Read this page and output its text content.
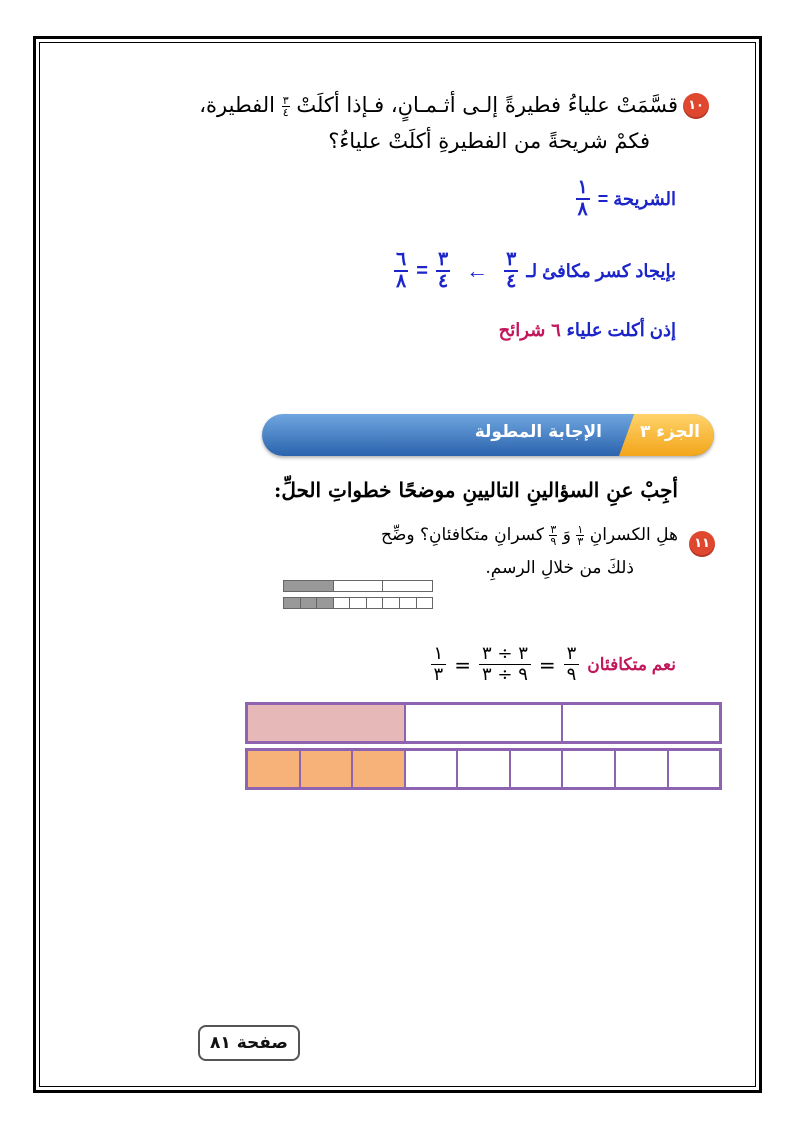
١٠
قسَّمَتْ علياءُ فطيرةً إلـى أثـمـانٍ، فـإذا أكلَتْ
٣
٤
الفطيرة،
فكمْ شريحةً من الفطيرةِ أكلَتْ علياءُ؟
الشريحة =
$\frac{١}{٨}$
بإيجاد كسر مكافئ لـ
$\frac{٣}{٤}$
←
$\frac{٣}{٤}$
=
$\frac{٦}{٨}$
إذن أكلت علياء ٦ شرائح
الجزء ٣
الإجابة المطولة
أجِبْ عنِ السؤالينِ التاليينِ موضحًا خطواتِ الحلِّ:
١١
هلِ الكسرانِ
١
٣
وَ
٣
٩
كسرانِ متكافئانِ؟ وضِّح
ذلكَ من خلالِ الرسمِ.
نعم متكافئان
٣
٩
=
٣ ÷ ٣
٩ ÷ ٣
=
١
٣
صفحة ٨١
